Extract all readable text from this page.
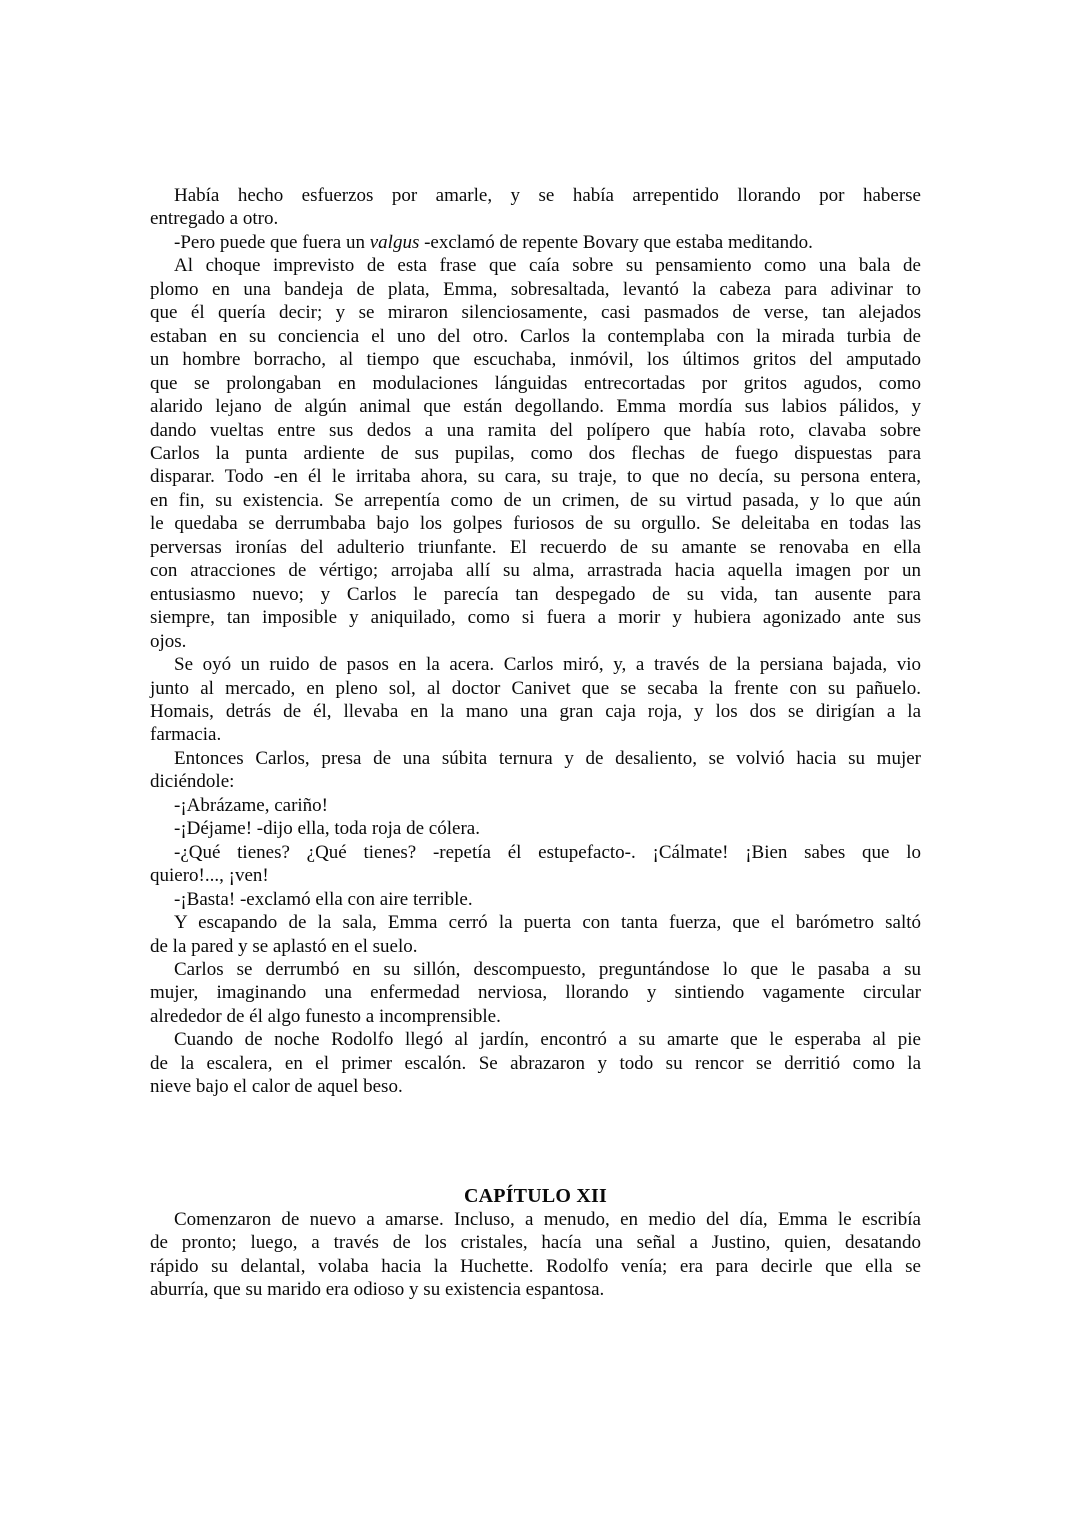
Había hecho esfuerzos por amarle, y se había arrepentido llorando por haberse
entregado a otro.
-Pero puede que fuera un valgus -exclamó de repente Bovary que estaba meditando.
Al choque imprevisto de esta frase que caía sobre su pensamiento como una bala de
plomo en una bandeja de plata, Emma, sobresaltada, levantó la cabeza para adivinar to
que él quería decir; y se miraron silenciosamente, casi pasmados de verse, tan alejados
estaban en su conciencia el uno del otro. Carlos la contemplaba con la mirada turbia de
un hombre borracho, al tiempo que escuchaba, inmóvil, los últimos gritos del amputado
que se prolongaban en modulaciones lánguidas entrecortadas por gritos agudos, como
alarido lejano de algún animal que están degollando. Emma mordía sus labios pálidos, y
dando vueltas entre sus dedos a una ramita del polípero que había roto, clavaba sobre
Carlos la punta ardiente de sus pupilas, como dos flechas de fuego dispuestas para
disparar. Todo -en él le irritaba ahora, su cara, su traje, to que no decía, su persona entera,
en fin, su existencia. Se arrepentía como de un crimen, de su virtud pasada, y lo que aún
le quedaba se derrumbaba bajo los golpes furiosos de su orgullo. Se deleitaba en todas las
perversas ironías del adulterio triunfante. El recuerdo de su amante se renovaba en ella
con atracciones de vértigo; arrojaba allí su alma, arrastrada hacia aquella imagen por un
entusiasmo nuevo; y Carlos le parecía tan despegado de su vida, tan ausente para
siempre, tan imposible y aniquilado, como si fuera a morir y hubiera agonizado ante sus
ojos.
Se oyó un ruido de pasos en la acera. Carlos miró, y, a través de la persiana bajada, vio
junto al mercado, en pleno sol, al doctor Canivet que se secaba la frente con su pañuelo.
Homais, detrás de él, llevaba en la mano una gran caja roja, y los dos se dirigían a la
farmacia.
Entonces Carlos, presa de una súbita ternura y de desaliento, se volvió hacia su mujer
diciéndole:
-¡Abrázame, cariño!
-¡Déjame! -dijo ella, toda roja de cólera.
-¿Qué tienes? ¿Qué tienes? -repetía él estupefacto-. ¡Cálmate! ¡Bien sabes que lo
quiero!..., ¡ven!
-¡Basta! -exclamó ella con aire terrible.
Y escapando de la sala, Emma cerró la puerta con tanta fuerza, que el barómetro saltó
de la pared y se aplastó en el suelo.
Carlos se derrumbó en su sillón, descompuesto, preguntándose lo que le pasaba a su
mujer, imaginando una enfermedad nerviosa, llorando y sintiendo vagamente circular
alrededor de él algo funesto a incomprensible.
Cuando de noche Rodolfo llegó al jardín, encontró a su amarte que le esperaba al pie
de la escalera, en el primer escalón. Se abrazaron y todo su rencor se derritió como la
nieve bajo el calor de aquel beso.
CAPÍTULO XII
Comenzaron de nuevo a amarse. Incluso, a menudo, en medio del día, Emma le escribía
de pronto; luego, a través de los cristales, hacía una señal a Justino, quien, desatando
rápido su delantal, volaba hacia la Huchette. Rodolfo venía; era para decirle que ella se
aburría, que su marido era odioso y su existencia espantosa.
